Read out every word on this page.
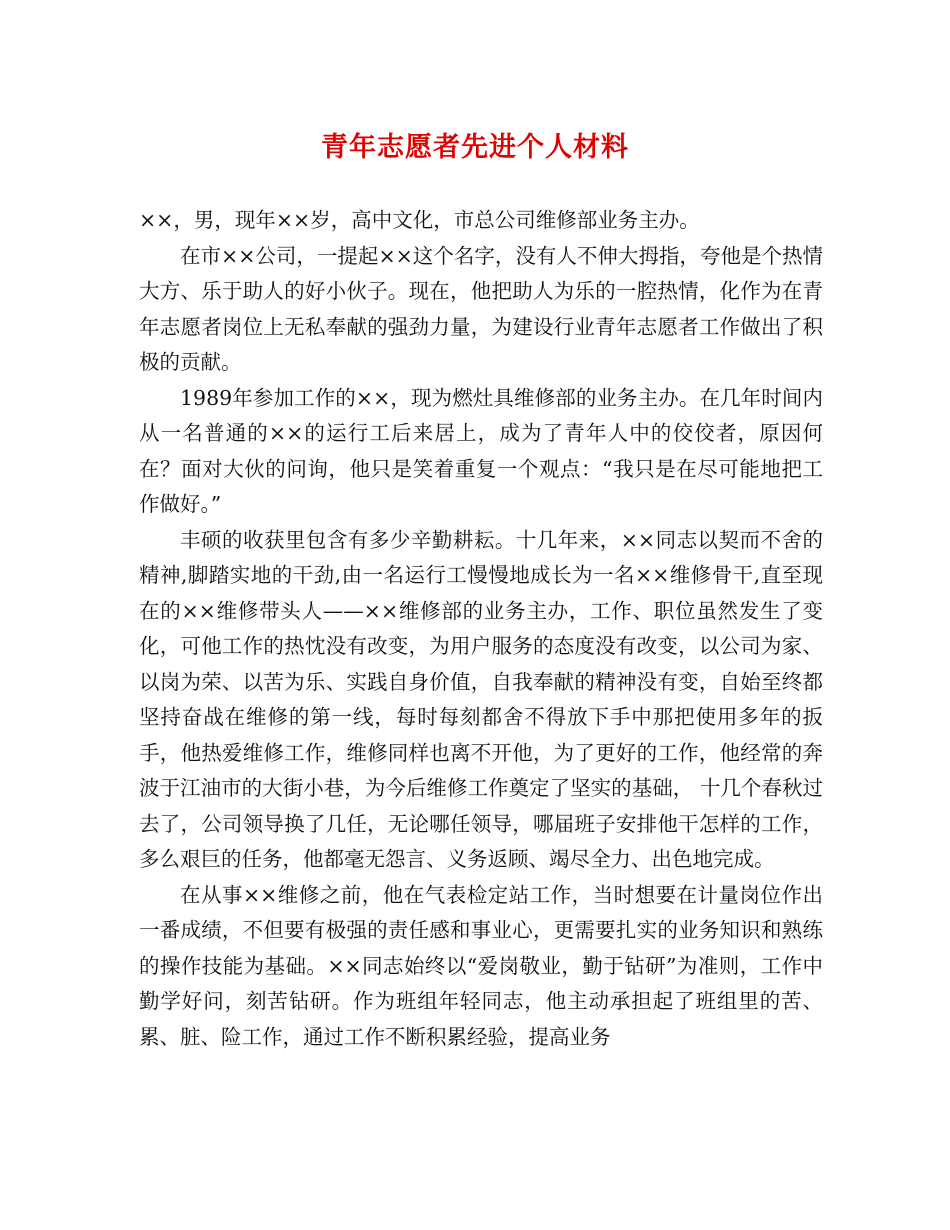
青年志愿者先进个人材料

××，男，现年××岁，高中文化，市总公司维修部业务主办。

在市××公司，一提起××这个名字，没有人不伸大拇指，夸他是个热情大方、乐于助人的好小伙子。现在，他把助人为乐的一腔热情，化作为在青年志愿者岗位上无私奉献的强劲力量，为建设行业青年志愿者工作做出了积极的贡献。

1989年参加工作的××，现为燃灶具维修部的业务主办。在几年时间内从一名普通的××的运行工后来居上，成为了青年人中的佼佼者，原因何在？面对大伙的问询，他只是笑着重复一个观点：“我只是在尽可能地把工作做好。”

丰硕的收获里包含有多少辛勤耕耘。十几年来，××同志以契而不舍的精神,脚踏实地的干劲,由一名运行工慢慢地成长为一名××维修骨干,直至现在的××维修带头人——××维修部的业务主办，工作、职位虽然发生了变化，可他工作的热忱没有改变，为用户服务的态度没有改变，以公司为家、以岗为荣、以苦为乐、实践自身价值，自我奉献的精神没有变，自始至终都坚持奋战在维修的第一线，每时每刻都舍不得放下手中那把使用多年的扳手，他热爱维修工作，维修同样也离不开他，为了更好的工作，他经常的奔波于江油市的大街小巷，为今后维修工作奠定了坚实的基础， 十几个春秋过去了，公司领导换了几任，无论哪任领导，哪届班子安排他干怎样的工作，多么艰巨的任务，他都毫无怨言、义务返顾、竭尽全力、出色地完成。

在从事××维修之前，他在气表检定站工作，当时想要在计量岗位作出一番成绩，不但要有极强的责任感和事业心，更需要扎实的业务知识和熟练的操作技能为基础。××同志始终以“爱岗敬业，勤于钻研”为准则，工作中勤学好问，刻苦钻研。作为班组年轻同志，他主动承担起了班组里的苦、累、脏、险工作，通过工作不断积累经验，提高业务
